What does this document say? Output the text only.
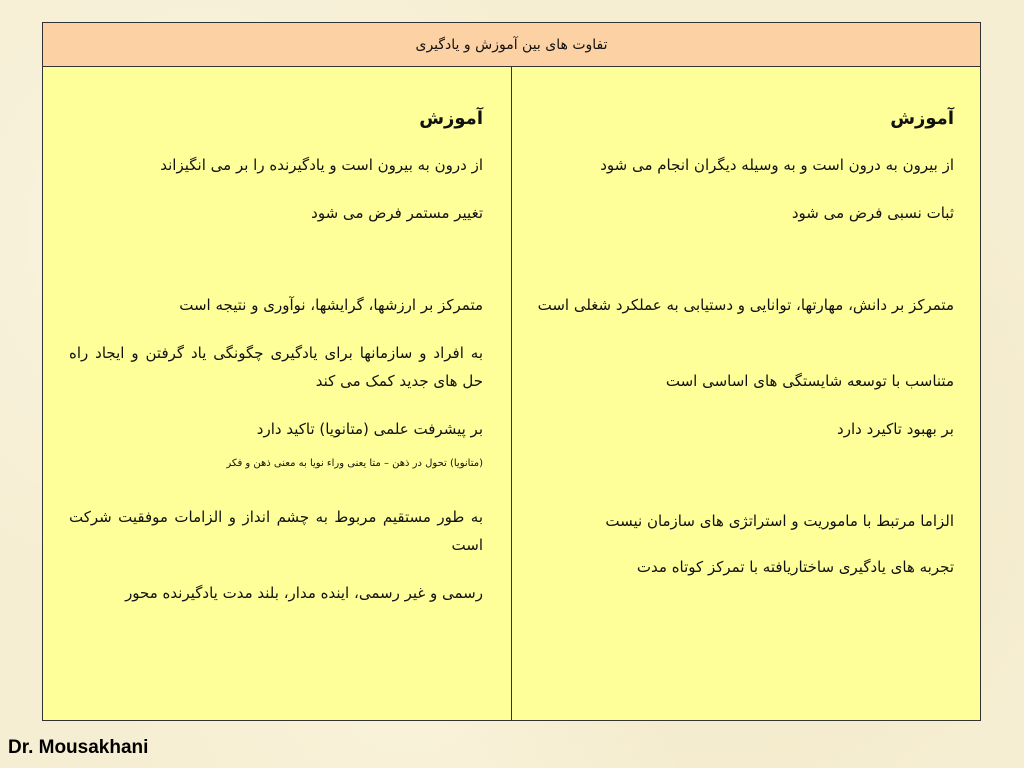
تفاوت های بین آموزش و یادگیری
آموزش
از بیرون به درون است و به وسیله دیگران انجام می شود
ثبات نسبی فرض می شود
متمرکز بر دانش، مهارتها، توانایی و دستیابی به عملکرد شغلی است
متناسب با توسعه شایستگی های اساسی است
بر بهبود تاکیرد دارد
الزاما مرتبط با ماموریت و استراتژی های سازمان نیست
تجربه های یادگیری ساختاریافته با تمرکز کوتاه مدت
آموزش
از درون به بیرون است و یادگیرنده را بر می انگیزاند
تغییر مستمر فرض می شود
متمرکز بر ارزشها، گرایشها، نوآوری و نتیجه است
به افراد و سازمانها برای یادگیری چگونگی یاد گرفتن و ایجاد راه حل های جدید کمک می کند
بر پیشرفت علمی (متانویا) تاکید دارد
(متانویا) تحول در ذهن – متا یعنی وراء نویا به معنی ذهن و فکر
به طور مستقیم مربوط به چشم انداز و الزامات موفقیت شرکت است
رسمی و غیر رسمی، اینده مدار، بلند مدت یادگیرنده محور
Dr. Mousakhani
